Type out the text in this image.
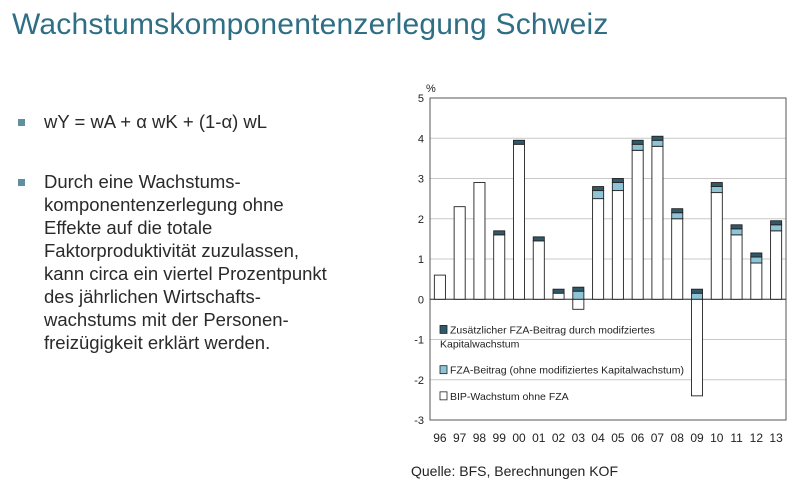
Wachstumskomponentenzerlegung Schweiz
wY = wA + α wK + (1-α) wL
Durch eine Wachstums-
komponentenzerlegung ohne
Effekte auf die totale
Faktorproduktivität zuzulassen,
kann circa ein viertel Prozentpunkt
des jährlichen Wirtschafts-
wachstums mit der Personen-
freizügigkeit erklärt werden.
5
4
3
2
1
0
-1
-2
-3
%
96 97 98 99 00 01 02 03 04 05 06 07 08 09 10 11 12 13
Zusätzlicher FZA-Beitrag durch modifziertes Kapitalwachstum
FZA-Beitrag (ohne modifiziertes Kapitalwachstum)
BIP-Wachstum ohne FZA
Quelle: BFS, Berechnungen KOF
